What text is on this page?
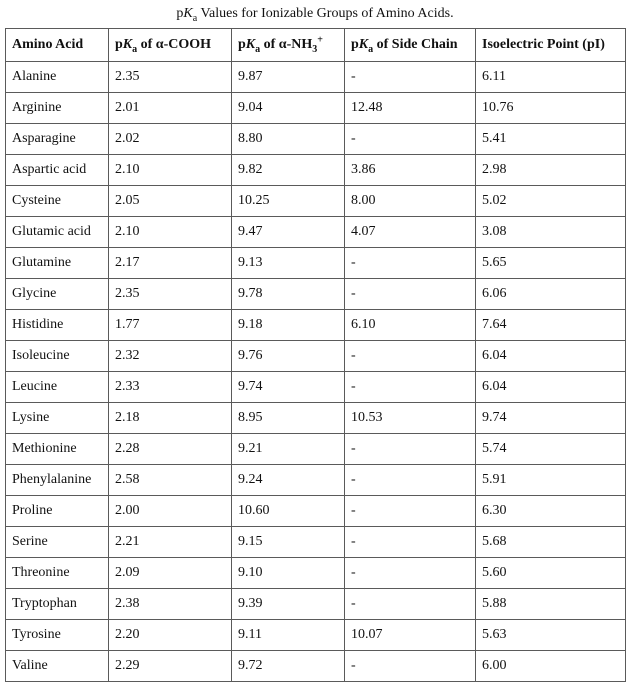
$pK_a$ Values for Ionizable Groups of Amino Acids.
Amino Acid	$pK_a$ of α-COOH	$pK_a$ of $\alpha-NH_3^+$	$pK_a$ of Side Chain	Isoelectric Point (pI)
Alanine	2.35	9.87	-	6.11
Arginine	2.01	9.04	12.48	10.76
Asparagine	2.02	8.80	-	5.41
Aspartic acid	2.10	9.82	3.86	2.98
Cysteine	2.05	10.25	8.00	5.02
Glutamic acid	2.10	9.47	4.07	3.08
Glutamine	2.17	9.13	-	5.65
Glycine	2.35	9.78	-	6.06
Histidine	1.77	9.18	6.10	7.64
Isoleucine	2.32	9.76	-	6.04
Leucine	2.33	9.74	-	6.04
Lysine	2.18	8.95	10.53	9.74
Methionine	2.28	9.21	-	5.74
Phenylalanine	2.58	9.24	-	5.91
Proline	2.00	10.60	-	6.30
Serine	2.21	9.15	-	5.68
Threonine	2.09	9.10	-	5.60
Tryptophan	2.38	9.39	-	5.88
Tyrosine	2.20	9.11	10.07	5.63
Valine	2.29	9.72	-	6.00
